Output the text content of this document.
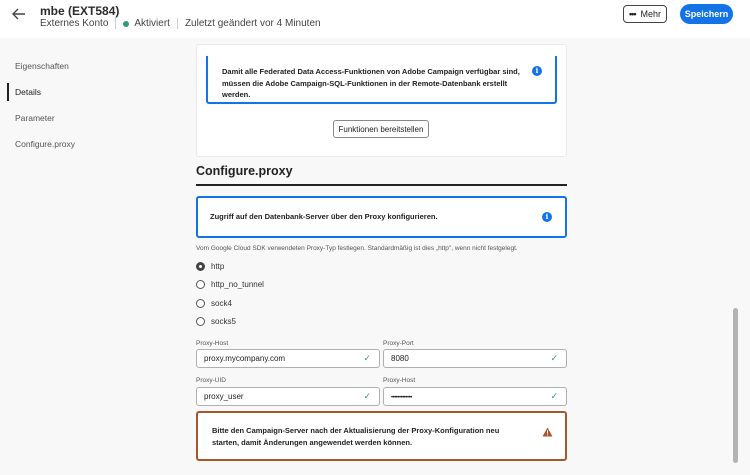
mbe (EXT584)
Externes Konto	Aktiviert Zuletzt geändert vor 4 Minuten
••• Mehr	Speichern
Eigenschaften
Details
Parameter
Configure.proxy
Damit alle Federated Data Access-Funktionen von Adobe Campaign verfügbar sind, müssen die Adobe Campaign-SQL-Funktionen in der Remote-Datenbank erstellt werden.
i
Funktionen bereitstellen
Configure.proxy
Zugriff auf den Datenbank-Server über den Proxy konfigurieren.	i
Vom Google Cloud SDK verwendeten Proxy-Typ festlegen. Standardmäßig ist dies „http", wenn nicht festgelegt.
http
http_no_tunnel
sock4
socks5
Proxy-Host
proxy.mycompany.com	✓
Proxy-Port
8080	✓
Proxy-UID
proxy_user	✓
Proxy-Host
•••••••••••••	✓
Bitte den Campaign-Server nach der Aktualisierung der Proxy-Konfiguration neu starten, damit Änderungen angewendet werden können.
